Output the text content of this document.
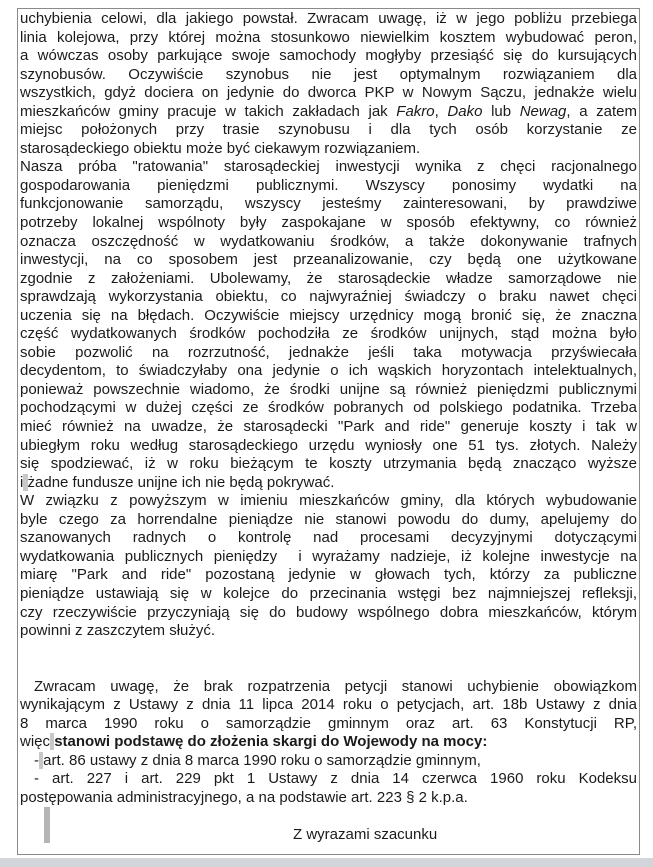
uchybienia celowi, dla jakiego powstał. Zwracam uwagę, iż w jego pobliżu przebiega
linia kolejowa, przy której można stosunkowo niewielkim kosztem wybudować peron,
a wówczas osoby parkujące swoje samochody mogłyby przesiąść się do kursujących
szynobusów. Oczywiście szynobus nie jest optymalnym rozwiązaniem dla
wszystkich, gdyż dociera on jedynie do dworca PKP w Nowym Sączu, jednakże wielu
mieszkańców gminy pracuje w takich zakładach jak Fakro, Dako lub Newag, a zatem
miejsc położonych przy trasie szynobusu i dla tych osób korzystanie ze
starosądeckiego obiektu może być ciekawym rozwiązaniem.
Nasza próba "ratowania" starosądeckiej inwestycji wynika z chęci racjonalnego
gospodarowania pieniędzmi publicznymi. Wszyscy ponosimy wydatki na
funkcjonowanie samorządu, wszyscy jesteśmy zainteresowani, by prawdziwe
potrzeby lokalnej wspólnoty były zaspokajane w sposób efektywny, co również
oznacza oszczędność w wydatkowaniu środków, a także dokonywanie trafnych
inwestycji, na co sposobem jest przeanalizowanie, czy będą one użytkowane
zgodnie z założeniami. Ubolewamy, że starosądeckie władze samorządowe nie
sprawdzają wykorzystania obiektu, co najwyraźniej świadczy o braku nawet chęci
uczenia się na błędach. Oczywiście miejscy urzędnicy mogą bronić się, że znaczna
część wydatkowanych środków pochodziła ze środków unijnych, stąd można było
sobie pozwolić na rozrzutność, jednakże jeśli taka motywacja przyświecała
decydentom, to świadczyłaby ona jedynie o ich wąskich horyzontach intelektualnych,
ponieważ powszechnie wiadomo, że środki unijne są również pieniędzmi publicznymi
pochodzącymi w dużej części ze środków pobranych od polskiego podatnika. Trzeba
mieć również na uwadze, że starosądecki "Park and ride" generuje koszty i tak w
ubiegłym roku według starosądeckiego urzędu wyniosły one 51 tys. złotych. Należy
się spodziewać, iż w roku bieżącym te koszty utrzymania będą znacząco wyższe
i żadne fundusze unijne ich nie będą pokrywać.
W związku z powyższym w imieniu mieszkańców gminy, dla których wybudowanie
byle czego za horrendalne pieniądze nie stanowi powodu do dumy, apelujemy do
szanowanych radnych o kontrolę nad procesami decyzyjnymi dotyczącymi
wydatkowania publicznych pieniędzy  i wyrażamy nadzieje, iż kolejne inwestycje na
miarę "Park and ride" pozostaną jedynie w głowach tych, którzy za publiczne
pieniądze ustawiają się w kolejce do przecinania wstęgi bez najmniejszej refleksji,
czy rzeczywiście przyczyniają się do budowy wspólnego dobra mieszkańców, którym
powinni z zaszczytem służyć.

Zwracam uwagę, że brak rozpatrzenia petycji stanowi uchybienie obowiązkom
wynikającym z Ustawy z dnia 11 lipca 2014 roku o petycjach, art. 18b Ustawy z dnia
8 marca 1990 roku o samorządzie gminnym oraz art. 63 Konstytucji RP,
więc stanowi podstawę do złożenia skargi do Wojewody na mocy:
- art. 86 ustawy z dnia 8 marca 1990 roku o samorządzie gminnym,
- art. 227 i art. 229 pkt 1 Ustawy z dnia 14 czerwca 1960 roku Kodeksu
postępowania administracyjnego, a na podstawie art. 223 § 2 k.p.a.

Z wyrazami szacunku
